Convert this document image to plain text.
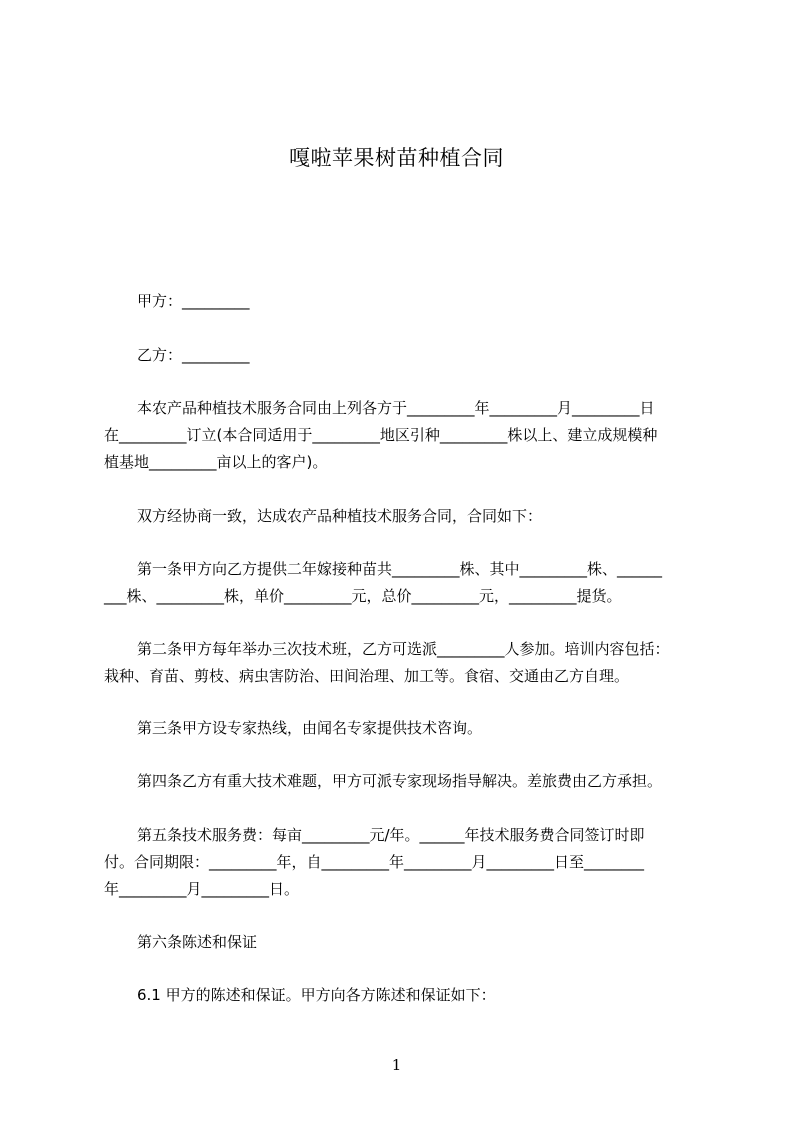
嘎啦苹果树苗种植合同
甲方：_________
乙方：_________
本农产品种植技术服务合同由上列各方于_________年_________月_________日
在_________订立(本合同适用于_________地区引种_________株以上、建立成规模种
植基地_________亩以上的客户)。
双方经协商一致，达成农产品种植技术服务合同，合同如下：
第一条甲方向乙方提供二年嫁接种苗共_________株、其中_________株、______
___株、_________株，单价_________元，总价_________元，_________提货。
第二条甲方每年举办三次技术班，乙方可选派_________人参加。培训内容包括：
栽种、育苗、剪枝、病虫害防治、田间治理、加工等。食宿、交通由乙方自理。
第三条甲方设专家热线，由闻名专家提供技术咨询。
第四条乙方有重大技术难题，甲方可派专家现场指导解决。差旅费由乙方承担。
第五条技术服务费：每亩_________元/年。______年技术服务费合同签订时即
付。合同期限：_________年，自_________年_________月_________日至________
年_________月_________日。
第六条陈述和保证
6.1 甲方的陈述和保证。甲方向各方陈述和保证如下：
1
